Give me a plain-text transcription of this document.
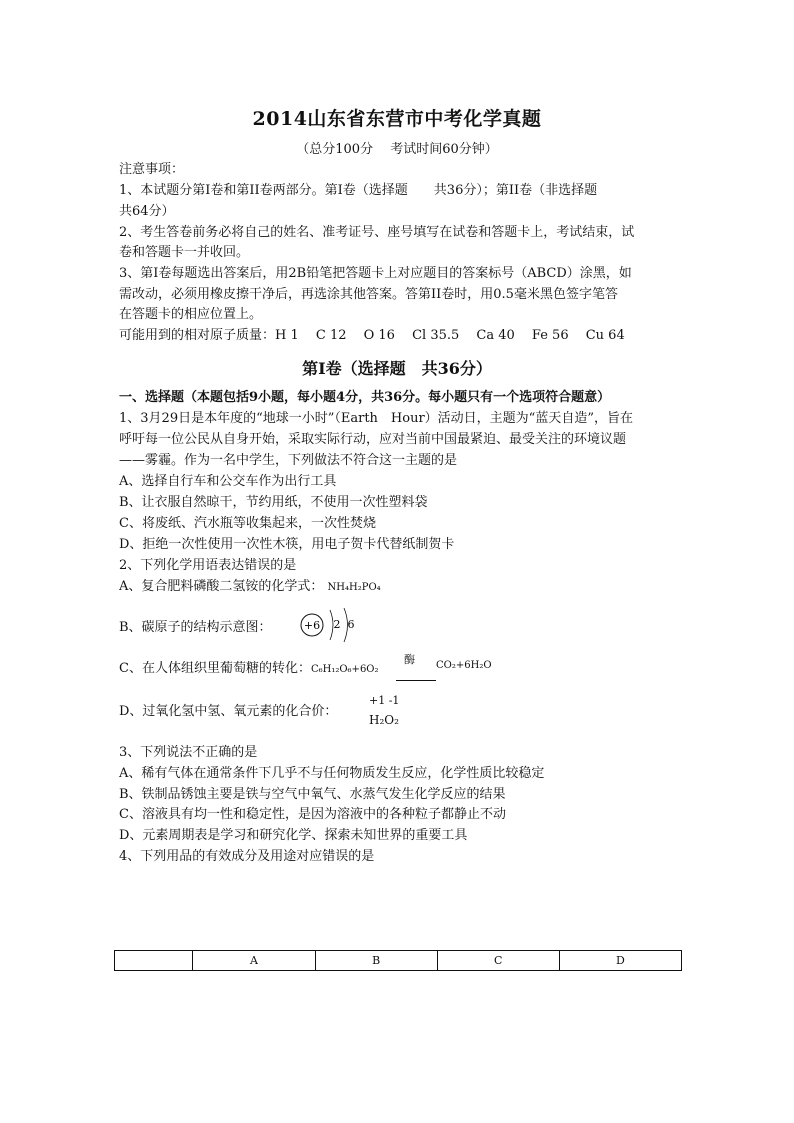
2014山东省东营市中考化学真题
（总分100分　 考试时间60分钟）
注意事项：
1、本试题分第Ⅰ卷和第II卷两部分。第Ⅰ卷（选择题　　共36分）；第II卷（非选择题
共64分）
2、考生答卷前务必将自己的姓名、准考证号、座号填写在试卷和答题卡上，考试结束，试
卷和答题卡一并收回。
3、第Ⅰ卷每题选出答案后，用2B铅笔把答题卡上对应题目的答案标号（ABCD）涂黑，如
需改动，必须用橡皮擦干净后，再选涂其他答案。答第II卷时，用0.5毫米黑色签字笔答
在答题卡的相应位置上。
可能用到的相对原子质量：H 1　 C 12　 O 16　 Cl 35.5　 Ca 40　 Fe 56　 Cu 64
第Ⅰ卷（选择题　共36分）
一、选择题（本题包括9小题，每小题4分，共36分。每小题只有一个选项符合题意）
1、3月29日是本年度的“地球一小时”（Earth　Hour）活动日，主题为“蓝天自造”，旨在
呼吁每一位公民从自身开始，采取实际行动，应对当前中国最紧迫、最受关注的环境议题
——雾霾。作为一名中学生，下列做法不符合这一主题的是
A、选择自行车和公交车作为出行工具
B、让衣服自然晾干，节约用纸，不使用一次性塑料袋
C、将废纸、汽水瓶等收集起来，一次性焚烧
D、拒绝一次性使用一次性木筷，用电子贺卡代替纸制贺卡
2、下列化学用语表达错误的是
A、复合肥料磷酸二氢铵的化学式： NH₄H₂PO₄
B、碳原子的结构示意图：	+6 2 6
C、在人体组织里葡萄糖的转化：C₆H₁₂O₆+6O₂
酶 CO₂+6H₂O
D、过氧化氢中氢、氧元素的化合价：
+1 -1
H₂O₂
3、下列说法不正确的是
A、稀有气体在通常条件下几乎不与任何物质发生反应，化学性质比较稳定
B、铁制品锈蚀主要是铁与空气中氧气、水蒸气发生化学反应的结果
C、溶液具有均一性和稳定性，是因为溶液中的各种粒子都静止不动
D、元素周期表是学习和研究化学、探索未知世界的重要工具
4、下列用品的有效成分及用途对应错误的是
	A	B	C	D
